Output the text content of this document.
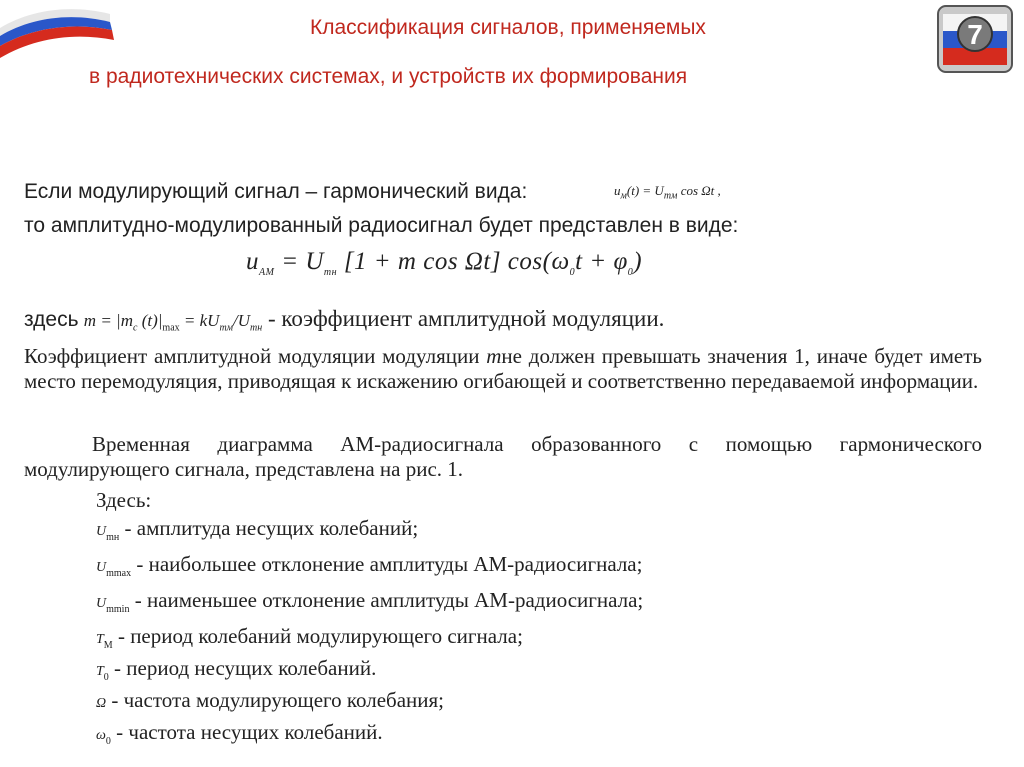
7
Классификация сигналов, применяемых
в радиотехнических системах, и устройств их формирования
Если модулирующий сигнал – гармонический вида:	$u_м(t) = U_{mм}$ cos Ωt ,
то амплитудно-модулированный радиосигнал будет представлен в виде:
$u_{AM} = U_{mн}$ [1 + m cos Ωt] $\cos(\omega_0t + \varphi_0)$
здесь $m = |m_c$ $(t)|_{max} = kU_{mм}/U_{mн}$ - коэффициент амплитудной модуляции.
Коэффициент амплитудной модуляции модуляции mне должен превышать значения 1, иначе будет иметь место перемодуляция, приводящая к искажению огибающей и соответственно передаваемой информации.
Временная диаграмма АМ-радиосигнала образованного с помощью гармонического модулирующего сигнала, представлена на рис. 1.
Здесь:
$U_{mн}$ - амплитуда несущих колебаний;
$U_{mmax}$ - наибольшее отклонение амплитуды АМ-радиосигнала;
$U_{mmin}$ - наименьшее отклонение амплитуды АМ-радиосигнала;
$T_M$ - период колебаний модулирующего сигнала;
$T_0$ - период несущих колебаний.
Ω - частота модулирующего колебания;
$\omega_0$ - частота несущих колебаний.
